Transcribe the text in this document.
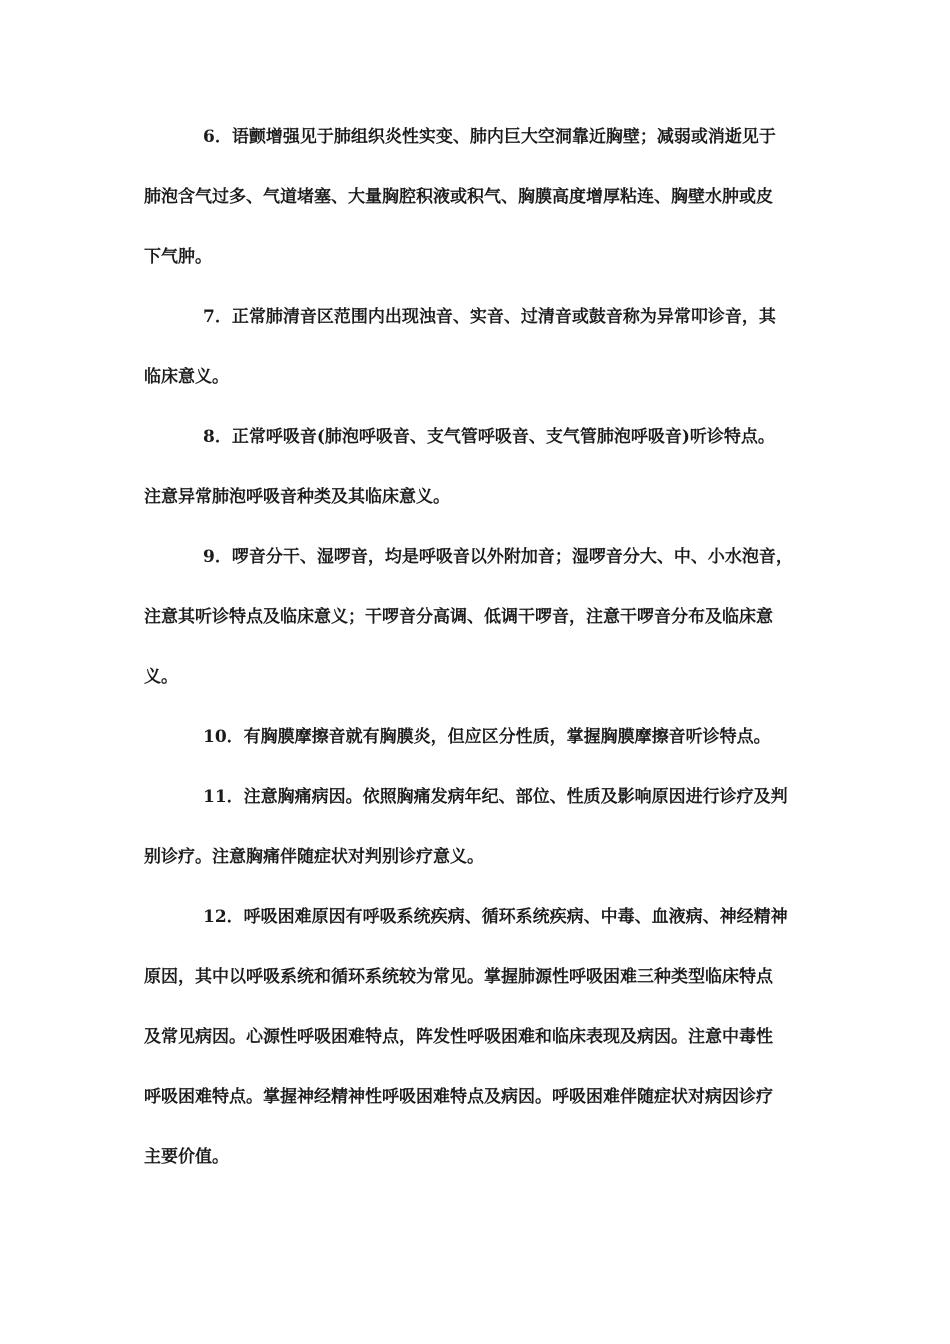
6．语颤增强见于肺组织炎性实变、肺内巨大空洞靠近胸壁；减弱或消逝见于
肺泡含气过多、气道堵塞、大量胸腔积液或积气、胸膜高度增厚粘连、胸壁水肿或皮
下气肿。
7．正常肺清音区范围内出现浊音、实音、过清音或鼓音称为异常叩诊音，其
临床意义。
8．正常呼吸音(肺泡呼吸音、支气管呼吸音、支气管肺泡呼吸音)听诊特点。
注意异常肺泡呼吸音种类及其临床意义。
9．啰音分干、湿啰音，均是呼吸音以外附加音；湿啰音分大、中、小水泡音，
注意其听诊特点及临床意义；干啰音分高调、低调干啰音，注意干啰音分布及临床意
义。
10．有胸膜摩擦音就有胸膜炎，但应区分性质，掌握胸膜摩擦音听诊特点。
11．注意胸痛病因。依照胸痛发病年纪、部位、性质及影响原因进行诊疗及判
别诊疗。注意胸痛伴随症状对判别诊疗意义。
12．呼吸困难原因有呼吸系统疾病、循环系统疾病、中毒、血液病、神经精神
原因，其中以呼吸系统和循环系统较为常见。掌握肺源性呼吸困难三种类型临床特点
及常见病因。心源性呼吸困难特点，阵发性呼吸困难和临床表现及病因。注意中毒性
呼吸困难特点。掌握神经精神性呼吸困难特点及病因。呼吸困难伴随症状对病因诊疗
主要价值。
